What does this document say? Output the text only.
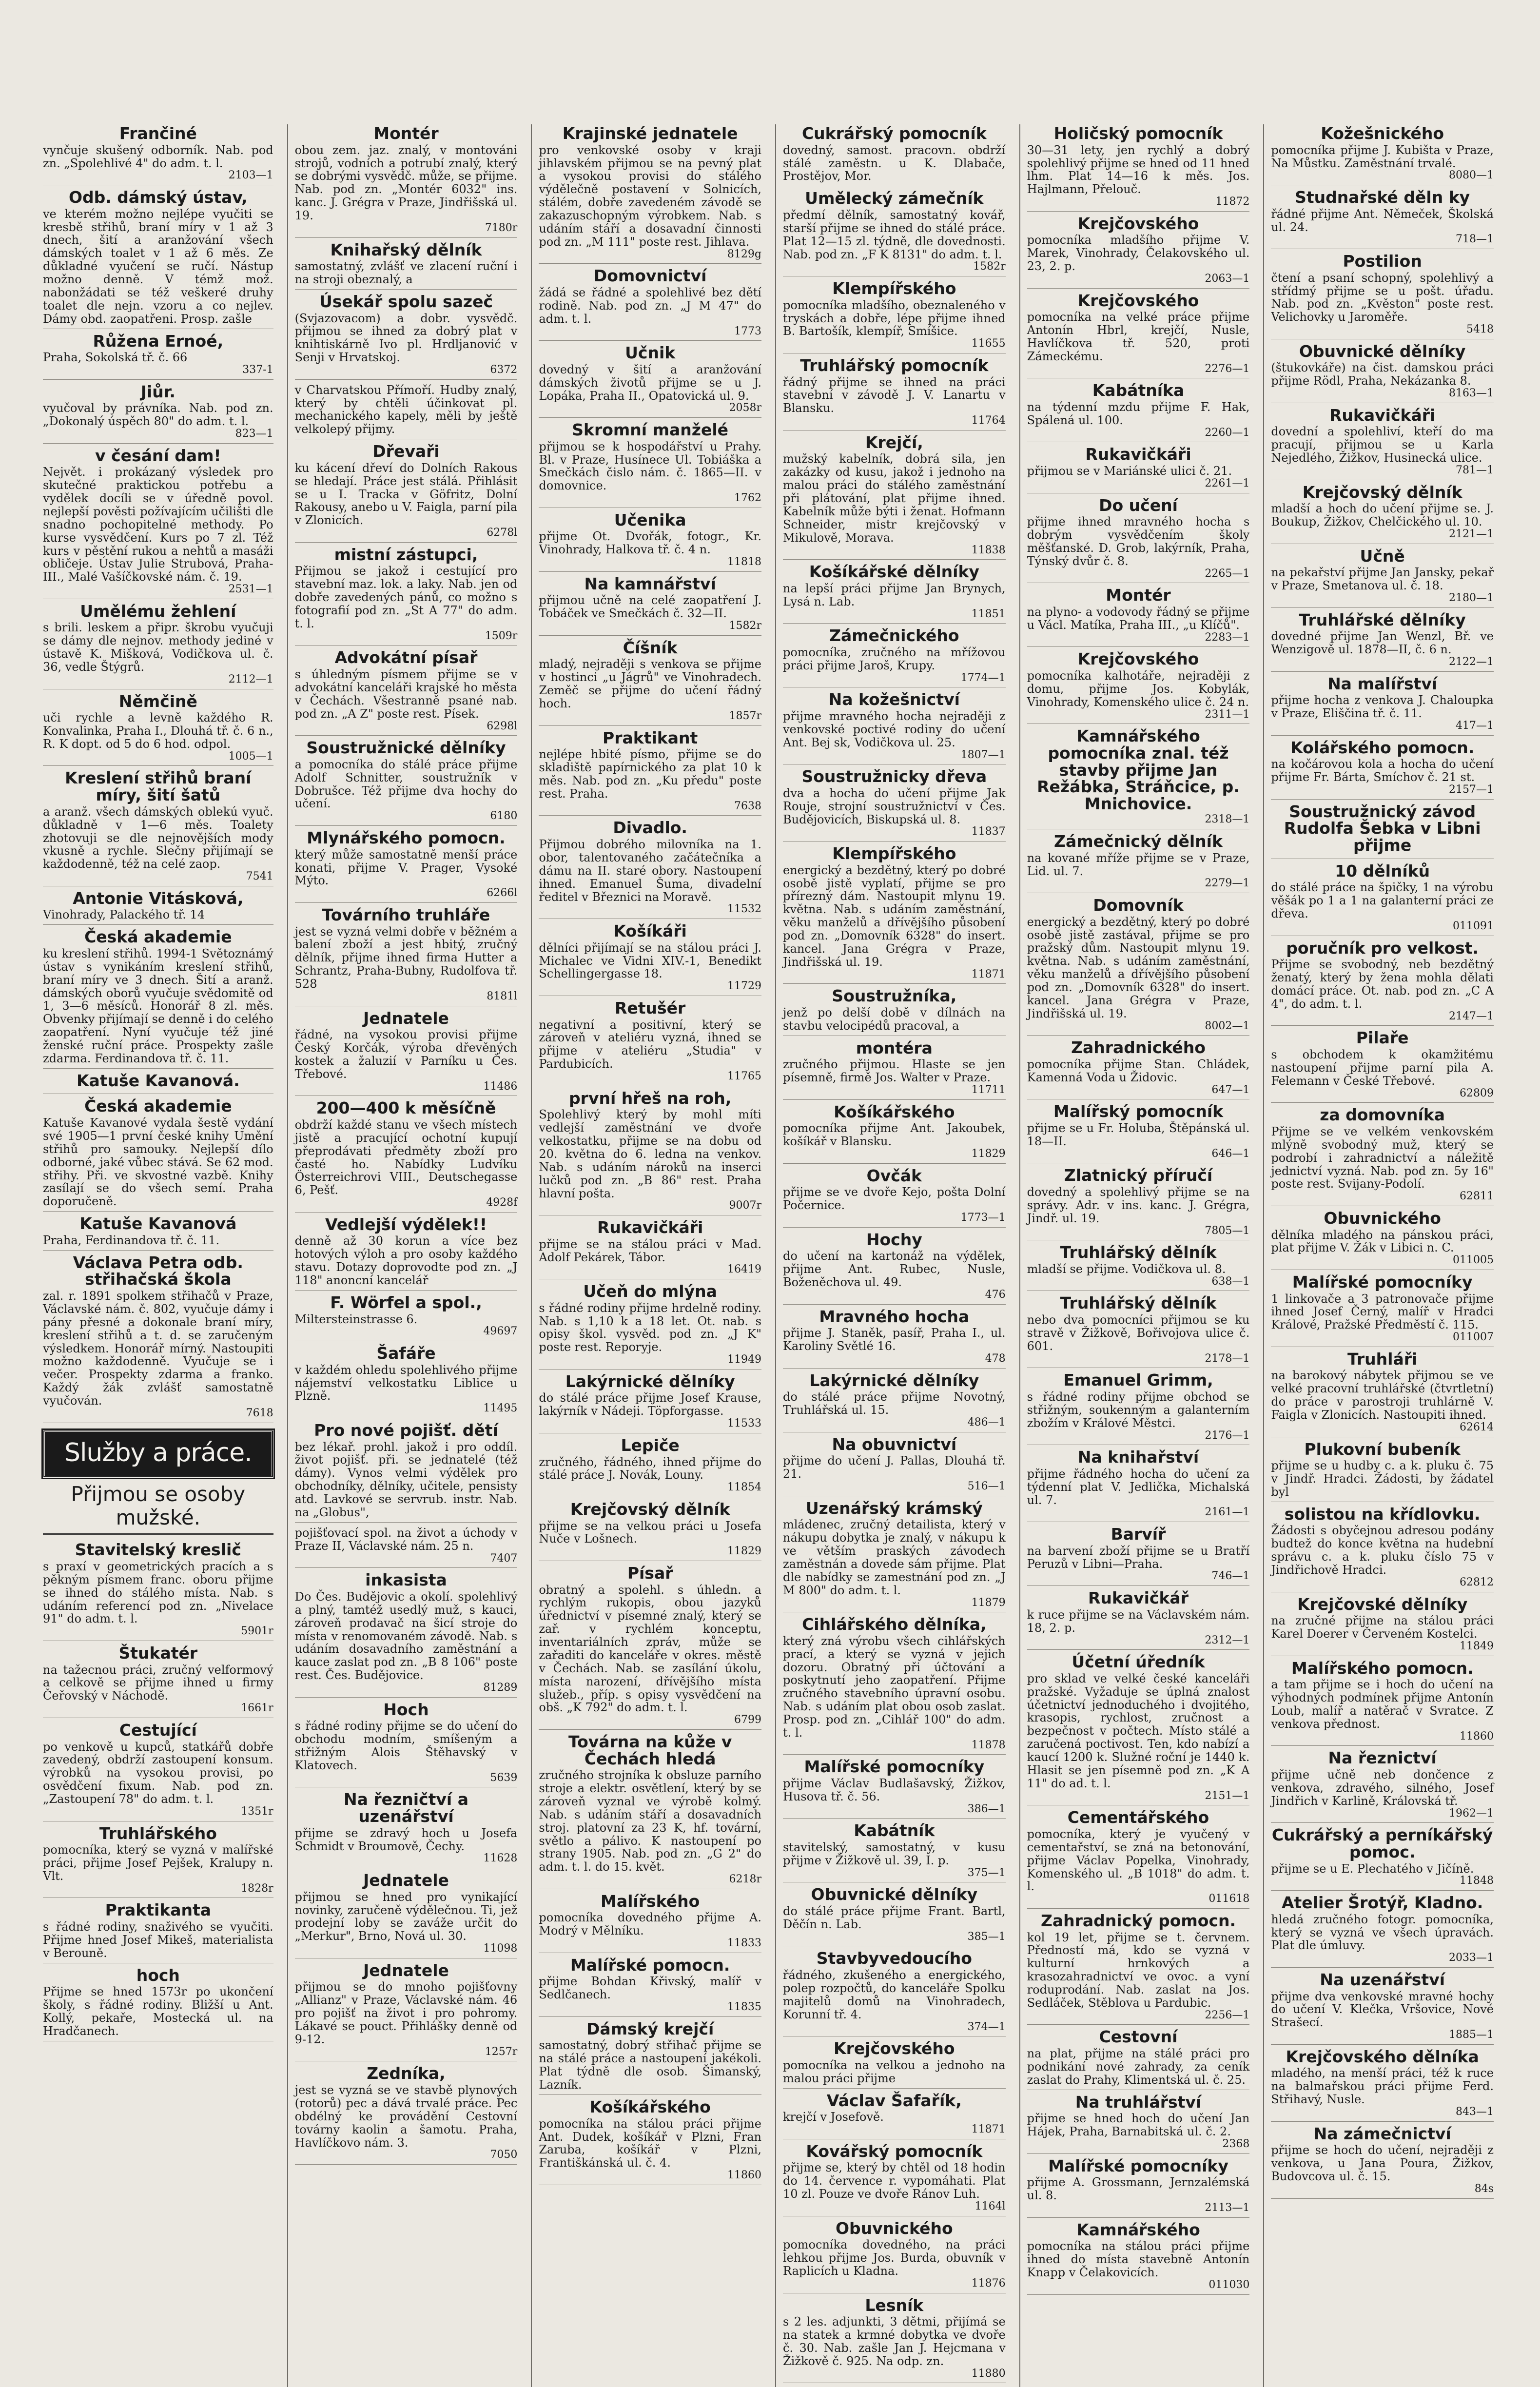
Frančiné
vynčuje skušený odborník. Nab. pod zn. „Spolehlivé 4" do adm. t. l.
2103—1
Odb. dámský ústav,
ve kterém možno nejlépe vyučiti se kresbě střihů, braní míry v 1 až 3 dnech, šití a aranžování všech dámských toalet v 1 až 6 měs. Ze důkladné vyučení se ručí. Nástup možno denně. V témž mož. nabonžádati se též veškeré druhy toalet dle nejn. vzoru a co nejlev. Dámy obd. zaopatřeni. Prosp. zašle
Růžena Ernoé,
Praha, Sokolská tř. č. 66
337-1
Jiůr.
vyučoval by právníka. Nab. pod zn. „Dokonalý úspěch 80" do adm. t. l.
823—1
v česání dam!
Největ. i prokázaný výsledek pro skutečné praktickou potřebu a vydělek docíli se v úředně povol. nejlepší pověsti požívajícím učilišti dle snadno pochopitelné methody. Po kurse vysvědčení. Kurs po 7 zl. Též kurs v pěstění rukou a nehtů a masáži obličeje. Ústav Julie Strubová, Praha-III., Malé Vašíčkovské nám. č. 19.
2531—1
Umělému žehlení
s brili. leskem a připr. škrobu vyučuji se dámy dle nejnov. methody jediné v ústavě K. Mišková, Vodičkova ul. č. 36, vedle Štýgrů.
2112—1
Němčině
uči rychle a levně každého R. Konvalinka, Praha I., Dlouhá tř. č. 6 n., R. K dopt. od 5 do 6 hod. odpol.
1005—1
Kreslení střihů braní míry, šití šatů
a aranž. všech dámských oblekú vyuč. důkladně v 1—6 měs. Toalety zhotovuji se dle nejnovějších mody vkusně a rychle. Slečny přijímají se každodenně, též na celé zaop.
7541
Antonie Vitásková,
Vinohrady, Palackého tř. 14
Česká akademie
ku kreslení střihů. 1994-1 Světoznámý ústav s vynikáním kreslení střihů, braní míry ve 3 dnech. Šití a aranž. dámských oborů vyučuje svědomitě od 1, 3—6 měsíců. Honorář 8 zl. měs. Obvenky přijímají se denně i do celého zaopatření. Nyní vyučuje též jiné ženské ruční práce. Prospekty zašle zdarma. Ferdinandova tř. č. 11.
Katuše Kavanová.
Česká akademie
Katuše Kavanové vydala šestě vydání své 1905—1 první české knihy Umění střihů pro samouky. Nejlepší dílo odborné, jaké vůbec stává. Se 62 mod. střihy. Při. ve skvostné vazbě. Knihy zasílají se do všech semí. Praha doporučeně.
Katuše Kavanová
Praha, Ferdinandova tř. č. 11.
Václava Petra odb. střihačská škola
zal. r. 1891 spolkem střihačů v Praze, Václavské nám. č. 802, vyučuje dámy i pány přesné a dokonale braní míry, kreslení střihů a t. d. se zaručeným výsledkem. Honorář mírný. Nastoupiti možno každodenně. Vyučuje se i večer. Prospekty zdarma a franko. Každý žák zvlášť samostatně vyučován.
7618
Služby a práce.
Přijmou se osoby mužské.
Stavitelský kreslič
s praxí v geometrických pracích a s pěkným písmem franc. oboru přijme se ihned do stálého místa. Nab. s udáním referencí pod zn. „Nivelace 91" do adm. t. l.
5901r
Štukatér
na tažecnou práci, zručný velformový a celkově se přijme ihned u firmy Čeřovský v Náchodě.
1661r
Cestující
po venkově u kupců, statkářů dobře zavedený, obdrží zastoupení konsum. výrobků na vysokou provisi, po osvědčení fixum. Nab. pod zn. „Zastoupení 78" do adm. t. l.
1351r
Truhlářského
pomocníka, který se vyzná v malířské práci, přijme Josef Pejšek, Kralupy n. Vlt.
1828r
Praktikanta
s řádné rodiny, snaživého se vyučiti. Přijme hned Josef Mikeš, materialista v Berouně.
hoch
Přijme se hned 1573r po ukončení školy, s řádné rodiny. Bližší u Ant. Kollý, pekaře, Mostecká ul. na Hradčanech.
Montér
obou zem. jaz. znalý, v montováni strojů, vodních a potrubí znalý, který se dobrými vysvědč. může, se přijme. Nab. pod zn. „Montér 6032" ins. kanc. J. Grégra v Praze, Jindřišská ul. 19.
7180r
Knihařský dělník
samostatný, zvlášť ve zlacení ruční i na stroji obeznalý, a
Úsekář spolu sazeč
(Svjazovacom) a dobr. vysvědč. přijmou se ihned za dobrý plat v knihtiskárně Ivo pl. Hrdljanović v Senji v Hrvatskoj.
6372
v Charvatskou Přímoří. Hudby znalý, který by chtěli účinkovat pl. mechanického kapely, měli by ještě velkolepý přijmy.
Dřevaři
ku kácení dřeví do Dolních Rakous se hledají. Práce jest stálá. Přihlásit se u I. Tracka v Göfritz, Dolní Rakousy, anebo u V. Faigla, parní pila v Zlonicích.
6278l
mistní zástupci,
Přijmou se jakož i cestující pro stavební maz. lok. a laky. Nab. jen od dobře zavedených pánů, co možno s fotografií pod zn. „St A 77" do adm. t. l.
1509r
Advokátní písař
s úhledným písmem přijme se v advokátní kanceláři krajské ho města v Čechách. Všestranně psané nab. pod zn. „A Z" poste rest. Písek.
6298l
Soustružnické dělníky
a pomocníka do stálé práce přijme Adolf Schnitter, soustružník v Dobrušce. Též přijme dva hochy do učení.
6180
Mlynářského pomocn.
který může samostatně menší práce konati, přijme V. Prager, Vysoké Mýto.
6266l
Továrního truhláře
jest se vyzná velmi dobře v běžném a balení zboží a jest hbitý, zručný dělník, přijme ihned firma Hutter a Schrantz, Praha-Bubny, Rudolfova tř. 528
8181l
Jednatele
řádné, na vysokou provisi přijme Český Korčák, výroba dřevěných kostek a žaluzií v Parníku u Čes. Třebové.
11486
200—400 k měsíčně
obdrží každé stanu ve všech místech jistě a pracující ochotní kupují přeprodávati předměty zboží pro časté ho. Nabídky Ludvíku Österreichrovi VIII., Deutschegasse 6, Pešť.
4928f
Vedlejší výdělek!!
denně až 30 korun a více bez hotových výloh a pro osoby každého stavu. Dotazy doprovodte pod zn. „J 118" anoncní kancelář
F. Wörfel a spol.,
Miltersteinstrasse 6.
49697
Šafáře
v každém ohledu spolehlivého přijme nájemství velkostatku Liblice u Plzně.
11495
Pro nové pojišť. dětí
bez lékař. prohl. jakož i pro oddíl. život pojišť. při. se jednatelé (též dámy). Vynos velmi výdělek pro obchodníky, dělníky, učitele, pensisty atd. Lavkové se servrub. instr. Nab. na „Globus",
pojišťovací spol. na život a úchody v Praze II, Václavské nám. 25 n.
7407
inkasista
Do Čes. Budějovic a okolí. spolehlivý a plný, tamtéž usedlý muž, s kauci, zároveň prodavač na šicí stroje do místa v renomovaném závodě. Nab. s udáním dosavadního zaměstnání a kauce zaslat pod zn. „B 8 106" poste rest. Čes. Budějovice.
81289
Hoch
s řádné rodiny přijme se do učení do obchodu modním, smíšeným a střižným Alois Štěhavský v Klatovech.
5639
Na řezničtví a uzenářství
přijme se zdravý hoch u Josefa Schmidt v Broumově, Čechy.
11628
Jednatele
přijmou se hned pro vynikající novinky, zaručeně výdělečnou. Ti, jež prodejní loby se zaváže určit do „Merkur", Brno, Nová ul. 30.
11098
Jednatele
přijmou se do mnoho pojišťovny „Allianz" v Praze, Václavské nám. 46 pro pojišť na život i pro pohromy. Lákavé se pouct. Přihlášky denně od 9-12.
1257r
Zedníka,
jest se vyzná se ve stavbě plynových (rotorů) pec a dává trvalé práce. Pec obdélný ke provádění Cestovní továrny kaolin a šamotu. Praha, Havlíčkovo nám. 3.
7050
Krajinské jednatele
pro venkovské osoby v kraji jihlavském přijmou se na pevný plat a vysokou provisi do stálého výdělečně postavení v Solnicích, stálém, dobře zavedeném závodě se zakazuschopným výrobkem. Nab. s udáním stáří a dosavadní činnosti pod zn. „M 111" poste rest. Jihlava.
8129g
Domovnictví
žádá se řádné a spolehlivé bez dětí rodině. Nab. pod zn. „J M 47" do adm. t. l.
1773
Učnik
dovedný v šití a aranžování dámských životů přijme se u J. Lopáka, Praha II., Opatovická ul. 9.
2058r
Skromní manželé
přijmou se k hospodářství u Prahy. Bl. v Praze, Husínece Ul. Tobiáška a Smečkách čislo nám. č. 1865—II. v domovnice.
1762
Učenika
přijme Ot. Dvořák, fotogr., Kr. Vinohrady, Halkova tř. č. 4 n.
11818
Na kamnářství
přijmou učně na celé zaopatření J. Tobáček ve Smečkách č. 32—II.
1582r
Číšník
mladý, nejraději s venkova se přijme v hostinci „u Jágrů" ve Vinohradech. Zeměč se přijme do učení řádný hoch.
1857r
Praktikant
nejlépe hbité písmo, přijme se do skladiště papírnického za plat 10 k měs. Nab. pod zn. „Ku předu" poste rest. Praha.
7638
Divadlo.
Přijmou dobrého milovníka na 1. obor, talentovaného začátečníka a dámu na II. staré obory. Nastoupení ihned. Emanuel Šuma, divadelní ředitel v Březnici na Moravě.
11532
Košíkáři
dělníci přijímají se na stálou práci J. Michalec ve Vidni XIV.-1, Benedikt Schellingergasse 18.
11729
Retušér
negativní a positivní, který se zároveň v ateliéru vyzná, ihned se přijme v ateliéru „Studia" v Pardubicích.
11765
první hřeš na roh,
Spolehlivý který by mohl míti vedlejší zaměstnání ve dvoře velkostatku, přijme se na dobu od 20. května do 6. ledna na venkov. Nab. s udáním nároků na inserci lučků pod zn. „B 86" rest. Praha hlavní pošta.
9007r
Rukavičkáři
přijme se na stálou práci v Mad. Adolf Pekárek, Tábor.
16419
Učeň do mlýna
s řádné rodiny přijme hrdelně rodiny. Nab. s 1,10 k a 18 let. Ot. nab. s opisy škol. vysvěd. pod zn. „J K" poste rest. Reporyje.
11949
Lakýrnické dělníky
do stálé práce přijme Josef Krause, lakýrník v Nádeji. Töpforgasse.
11533
Lepiče
zručného, řádného, ihned přijme do stálé práce J. Novák, Louny.
11854
Krejčovský dělník
přijme se na velkou práci u Josefa Nuče v Lošnech.
11829
Písař
obratný a spolehl. s úhledn. a rychlým rukopis, obou jazyků úřednictví v písemné znalý, který se zař. v rychlém konceptu, inventariálních zpráv, může se zařaditi do kanceláře v okres. městě v Čechách. Nab. se zasílání úkolu, místa narození, dřívějšího místa služeb., příp. s opisy vysvědčení na obš. „K 792" do adm. t. l.
6799
Továrna na kůže v Čechách hledá
zručného strojníka k obsluze parního stroje a elektr. osvětlení, který by se zároveň vyznal ve výrobě kolmý. Nab. s udáním stáří a dosavadních stroj. platovní za 23 K, hf. tovární, světlo a pálivo. K nastoupení po strany 1905. Nab. pod zn. „G 2" do adm. t. l. do 15. květ.
6218r
Malířského
pomocníka dovedného přijme A. Modrý v Mělníku.
11833
Malířské pomocn.
přijme Bohdan Křivský, malíř v Sedlčanech.
11835
Dámský krejčí
samostatný, dobrý střihač přijme se na stálé práce a nastoupení jakékoli. Plat týdně dle osob. Šimanský, Lazník.
Košíkářského
pomocníka na stálou práci přijme Ant. Dudek, košíkář v Plzni, Fran Zaruba, košíkář v Plzni, Františkánská ul. č. 4.
11860
Cukrářský pomocník
dovedný, samost. pracovn. obdrží stálé zaměstn. u K. Dlabače, Prostějov, Mor.
Umělecký zámečník
předmí dělník, samostatný kovář, starší přijme se ihned do stálé práce. Plat 12—15 zl. týdně, dle dovednosti. Nab. pod zn. „F K 8131" do adm. t. l.
1582r
Klempířského
pomocníka mladšího, obeznaleného v tryskách a dobře, lépe přijme ihned B. Bartošík, klempíř, Smíšice.
11655
Truhlářský pomocník
řádný přijme se ihned na práci stavební v závodě J. V. Lanartu v Blansku.
11764
Krejčí,
mužský kabelník, dobrá sila, jen zakázky od kusu, jakož i jednoho na malou práci do stálého zaměstnání při plátování, plat přijme ihned. Kabelník může býti i ženat. Hofmann Schneider, mistr krejčovský v Mikulově, Morava.
11838
Košíkářské dělníky
na lepší práci přijme Jan Brynych, Lysá n. Lab.
11851
Zámečnického
pomocníka, zručného na mřížovou práci přijme Jaroš, Krupy.
1774—1
Na kožešnictví
přijme mravného hocha nejraději z venkovské poctivé rodiny do učení Ant. Bej sk, Vodičkova ul. 25.
1807—1
Soustružnicky dřeva
dva a hocha do učení přijme Jak Rouje, strojní soustružnictví v Čes. Budějovicích, Biskupská ul. 8.
11837
Klempířského
energický a bezdětný, který po dobré osobě jistě vyplatí, přijme se pro přírezný dám. Nastoupit mlynu 19. května. Nab. s udáním zaměstnání, věku manželů a dřívějšího působení pod zn. „Domovník 6328" do insert. kancel. Jana Grégra v Praze, Jindřišská ul. 19.
11871
Soustružníka,
jenž po delší době v dílnách na stavbu velocipédů pracoval, a
montéra
zručného přijmou. Hlaste se jen písemně, firmě Jos. Walter v Praze.
11711
Košíkářského
pomocníka přijme Ant. Jakoubek, košíkář v Blansku.
11829
Ovčák
přijme se ve dvoře Kejo, pošta Dolní Počernice.
1773—1
Hochy
do učení na kartonáž na výdělek, přijme Ant. Rubec, Nusle, Boženěchova ul. 49.
476
Mravného hocha
přijme J. Staněk, pasíř, Praha I., ul. Karoliny Světlé 16.
478
Lakýrnické dělníky
do stálé práce přijme Novotný, Truhlářská ul. 15.
486—1
Na obuvnictví
přijme do učení J. Pallas, Dlouhá tř. 21.
516—1
Uzenářský krámský
mládenec, zručný detailista, který v nákupu dobytka je znalý, v nákupu k ve větším praských závodech zaměstnán a dovede sám přijme. Plat dle nabídky se zamestnání pod zn. „J M 800" do adm. t. l.
11879
Cihlářského dělníka,
který zná výrobu všech cihlářských prací, a který se vyzná v jejich dozoru. Obratný při účtování a poskytnutí jeho zaopatření. Přijme zručného stavebního úpravní osobu. Nab. s udáním plat obou osob zaslat. Prosp. pod zn. „Cihlář 100" do adm. t. l.
11878
Malířské pomocníky
přijme Václav Budlašavský, Žižkov, Husova tř. č. 56.
386—1
Kabátník
stavitelský, samostatný, v kusu přijme v Žižkově ul. 39, I. p.
375—1
Obuvnické dělníky
do stálé práce přijme Frant. Bartl, Děčín n. Lab.
385—1
Stavbyvedoucího
řádného, zkušeného a energického, polep rozpočtů, do kanceláře Spolku majitelů domů na Vinohradech, Korunní tř. 4.
374—1
Krejčovského
pomocníka na velkou a jednoho na malou práci přijme
Václav Šafařík,
krejčí v Josefově.
11871
Kovářský pomocník
přijme se, který by chtěl od 18 hodin do 14. července r. vypomáhati. Plat 10 zl. Pouze ve dvoře Ránov Luh.
1164l
Obuvnického
pomocníka dovedného, na práci lehkou přijme Jos. Burda, obuvník v Raplicích u Kladna.
11876
Lesník
s 2 les. adjunkti, 3 dětmi, přijímá se na statek a krmné dobytka ve dvoře č. 30. Nab. zašle Jan J. Hejcmana v Žižkově č. 925. Na odp. zn.
11880
Holičský pomocník
30—31 lety, jen rychlý a dobrý spolehlivý přijme se hned od 11 hned lhm. Plat 14—16 k měs. Jos. Hajlmann, Přelouč.
11872
Krejčovského
pomocníka mladšího přijme V. Marek, Vinohrady, Čelakovského ul. 23, 2. p.
2063—1
Krejčovského
pomocníka na velké práce přijme Antonín Hbrl, krejčí, Nusle, Havlíčkova tř. 520, proti Zámeckému.
2276—1
Kabátníka
na týdenní mzdu přijme F. Hak, Spálená ul. 100.
2260—1
Rukavičkáři
přijmou se v Mariánské ulici č. 21.
2261—1
Do učení
přijme ihned mravného hocha s dobrým vysvědčením školy měšťanské. D. Grob, lakýrník, Praha, Týnský dvůr č. 8.
2265—1
Montér
na plyno- a vodovody řádný se přijme u Václ. Matíka, Praha III., „u Klíčů".
2283—1
Krejčovského
pomocníka kalhotáře, nejraději z domu, přijme Jos. Kobylák, Vinohrady, Komenského ulice č. 24 n.
2311—1
Kamnářského pomocníka znal. též stavby přijme Jan Režábka, Stráňcice, p. Mnichovice.
2318—1
Zámečnický dělník
na kované mříže přijme se v Praze, Lid. ul. 7.
2279—1
Domovník
energický a bezdětný, který po dobré osobě jistě zastával, přijme se pro pražský dům. Nastoupit mlynu 19. května. Nab. s udáním zaměstnání, věku manželů a dřívějšího působení pod zn. „Domovník 6328" do insert. kancel. Jana Grégra v Praze, Jindřišská ul. 19.
8002—1
Zahradnického
pomocníka přijme Stan. Chládek, Kamenná Voda u Židovic.
647—1
Malířský pomocník
přijme se u Fr. Holuba, Štěpánská ul. 18—II.
646—1
Zlatnický příručí
dovedný a spolehlivý přijme se na správy. Adr. v ins. kanc. J. Grégra, Jindř. ul. 19.
7805—1
Truhlářský dělník
mladší se přijme. Vodičkova ul. 8.
638—1
Truhlářský dělník
nebo dva pomocníci přijmou se ku stravě v Žižkově, Bořivojova ulice č. 601.
2178—1
Emanuel Grimm,
s řádné rodiny přijme obchod se střižným, soukenným a galanterním zbožím v Králové Městci.
2176—1
Na knihařství
přijme řádného hocha do učení za týdenní plat V. Jedlička, Michalská ul. 7.
2161—1
Barvíř
na barvení zboží přijme se u Bratří Peruzů v Libni—Praha.
746—1
Rukavičkář
k ruce přijme se na Václavském nám. 18, 2. p.
2312—1
Účetní úředník
pro sklad ve velké české kanceláři pražské. Vyžaduje se úplná znalost účetnictví jednoduchého i dvojitého, krasopis, rychlost, zručnost a bezpečnost v počtech. Místo stálé a zaručená poctivost. Ten, kdo nabízí a kaucí 1200 k. Služné roční je 1440 k. Hlasit se jen písemně pod zn. „K A 11" do ad. t. l.
2151—1
Cementářského
pomocníka, který je vyučený v cementařství, se zná na betonování, přijme Václav Popelka, Vinohrady, Komenského ul. „B 1018" do adm. t. l.
011618
Zahradnický pomocn.
kol 19 let, přijme se t. červnem. Předností má, kdo se vyzná v kulturní hrnkových a krasozahradnictví ve ovoc. a vyní roduprodání. Nab. zaslat na Jos. Sedláček, Stěblova u Pardubic.
2256—1
Cestovní
na plat, přijme na stálé práci pro podnikání nové zahrady, za ceník zaslat do Prahy, Klimentská ul. č. 25.
Na truhlářství
přijme se hned hoch do učení Jan Hájek, Praha, Barnabitská ul. č. 2.
2368
Malířské pomocníky
přijme A. Grossmann, Jernzalémská ul. 8.
2113—1
Kamnářského
pomocníka na stálou práci přijme ihned do místa stavebně Antonín Knapp v Čelakovicích.
011030
Kožešnického
pomocníka přijme J. Kubišta v Praze, Na Můstku. Zaměstnání trvalé.
8080—1
Studnařské děln ky
řádné přijme Ant. Němeček, Školská ul. 24.
718—1
Postilion
čtení a psaní schopný, spolehlivý a střídmý přijme se u pošt. úřadu. Nab. pod zn. „Kvěston" poste rest. Velichovky u Jaroměře.
5418
Obuvnické dělníky
(štukovkáře) na čist. damskou práci přijme Rödl, Praha, Nekázanka 8.
8163—1
Rukavičkáři
dovední a spolehliví, kteří do ma pracují, přijmou se u Karla Nejedlého, Žižkov, Husinecká ulice.
781—1
Krejčovský dělník
mladší a hoch do učení přijme se. J. Boukup, Žižkov, Chelčického ul. 10.
2121—1
Učně
na pekařství přijme Jan Jansky, pekař v Praze, Smetanova ul. č. 18.
2180—1
Truhlářské dělníky
dovedné přijme Jan Wenzl, Bř. ve Wenzigově ul. 1878—II, č. 6 n.
2122—1
Na malířství
přijme hocha z venkova J. Chaloupka v Praze, Eliščina tř. č. 11.
417—1
Kolářského pomocn.
na kočárovou kola a hocha do učení přijme Fr. Bárta, Smíchov č. 21 st.
2157—1
Soustružnický závod Rudolfa Šebka v Libni přijme
10 dělníků
do stálé práce na špičky, 1 na výrobu věšák po 1 a 1 na galanterní práci ze dřeva.
011091
poručník pro velkost.
Přijme se svobodný, neb bezdětný ženatý, který by žena mohla dělati domácí práce. Ot. nab. pod zn. „C A 4", do adm. t. l.
2147—1
Pilaře
s obchodem k okamžitému nastoupení přijme parní pila A. Felemann v České Třebové.
62809
za domovníka
Přijme se ve velkém venkovském mlýně svobodný muž, který se podrobí i zahradnictví a náležitě jednictví vyzná. Nab. pod zn. 5y 16" poste rest. Svijany-Podolí.
62811
Obuvnického
dělníka mladého na pánskou práci, plat přijme V. Žák v Libici n. C.
011005
Malířské pomocníky
1 linkovače a 3 patronovače přijme ihned Josef Černý, malíř v Hradci Králové, Pražské Předměstí č. 115.
011007
Truhláři
na barokový nábytek přijmou se ve velké pracovní truhlářské (čtvrtletní) do práce v parostroji truhlárně V. Faigla v Zlonicích. Nastoupiti ihned.
62614
Plukovní bubeník
přijme se u hudby c. a k. pluku č. 75 v Jindř. Hradci. Žádosti, by žádatel byl
solistou na křídlovku.
Žádosti s obyčejnou adresou podány budtež do konce května na hudební správu c. a k. pluku číslo 75 v Jindřichově Hradci.
62812
Krejčovské dělníky
na zručné přijme na stálou práci Karel Doerer v Červeném Kostelci.
11849
Malířského pomocn.
a tam přijme se i hoch do učení na výhodných podmínek přijme Antonín Loub, malíř a natěrač v Svratce. Z venkova přednost.
11860
Na řeznictví
přijme učně neb dončence z venkova, zdravého, silného, Josef Jindřich v Karlině, Královská tř.
1962—1
Cukrářský a perníkářský pomoc.
přijme se u E. Plechatého v Jičíně.
11848
Atelier Šrotýř, Kladno.
hledá zručného fotogr. pomocníka, který se vyzná ve všech úpravách. Plat dle úmluvy.
2033—1
Na uzenářství
přijme dva venkovské mravné hochy do učení V. Klečka, Vršovice, Nové Strašecí.
1885—1
Krejčovského dělníka
mladého, na menší práci, též k ruce na balmařskou práci přijme Ferd. Střihavý, Nusle.
843—1
Na zámečnictví
přijme se hoch do učení, nejraději z venkova, u Jana Poura, Žižkov, Budovcova ul. č. 15.
84s
